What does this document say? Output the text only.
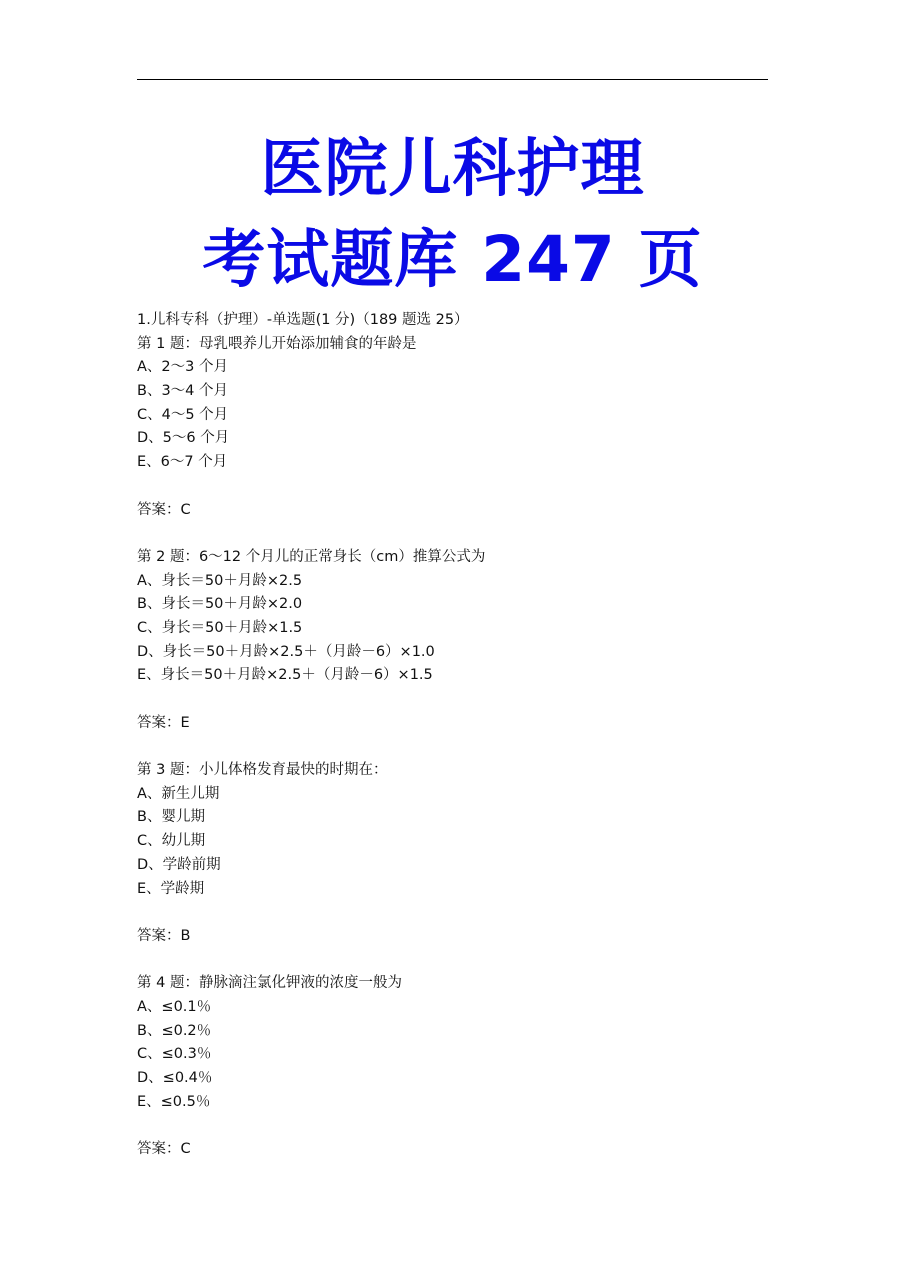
医院儿科护理
考试题库 247 页
1.儿科专科（护理）-单选题(1 分)（189 题选 25）
第 1 题：母乳喂养儿开始添加辅食的年龄是
A、2～3 个月
B、3～4 个月
C、4～5 个月
D、5～6 个月
E、6～7 个月
答案：C
第 2 题：6～12 个月儿的正常身长（cm）推算公式为
A、身长＝50＋月龄×2.5
B、身长＝50＋月龄×2.0
C、身长＝50＋月龄×1.5
D、身长＝50＋月龄×2.5＋（月龄－6）×1.0
E、身长＝50＋月龄×2.5＋（月龄－6）×1.5
答案：E
第 3 题：小儿体格发育最快的时期在：
A、新生儿期
B、婴儿期
C、幼儿期
D、学龄前期
E、学龄期
答案：B
第 4 题：静脉滴注氯化钾液的浓度一般为
A、≤0.1％
B、≤0.2％
C、≤0.3％
D、≤0.4％
E、≤0.5％
答案：C
